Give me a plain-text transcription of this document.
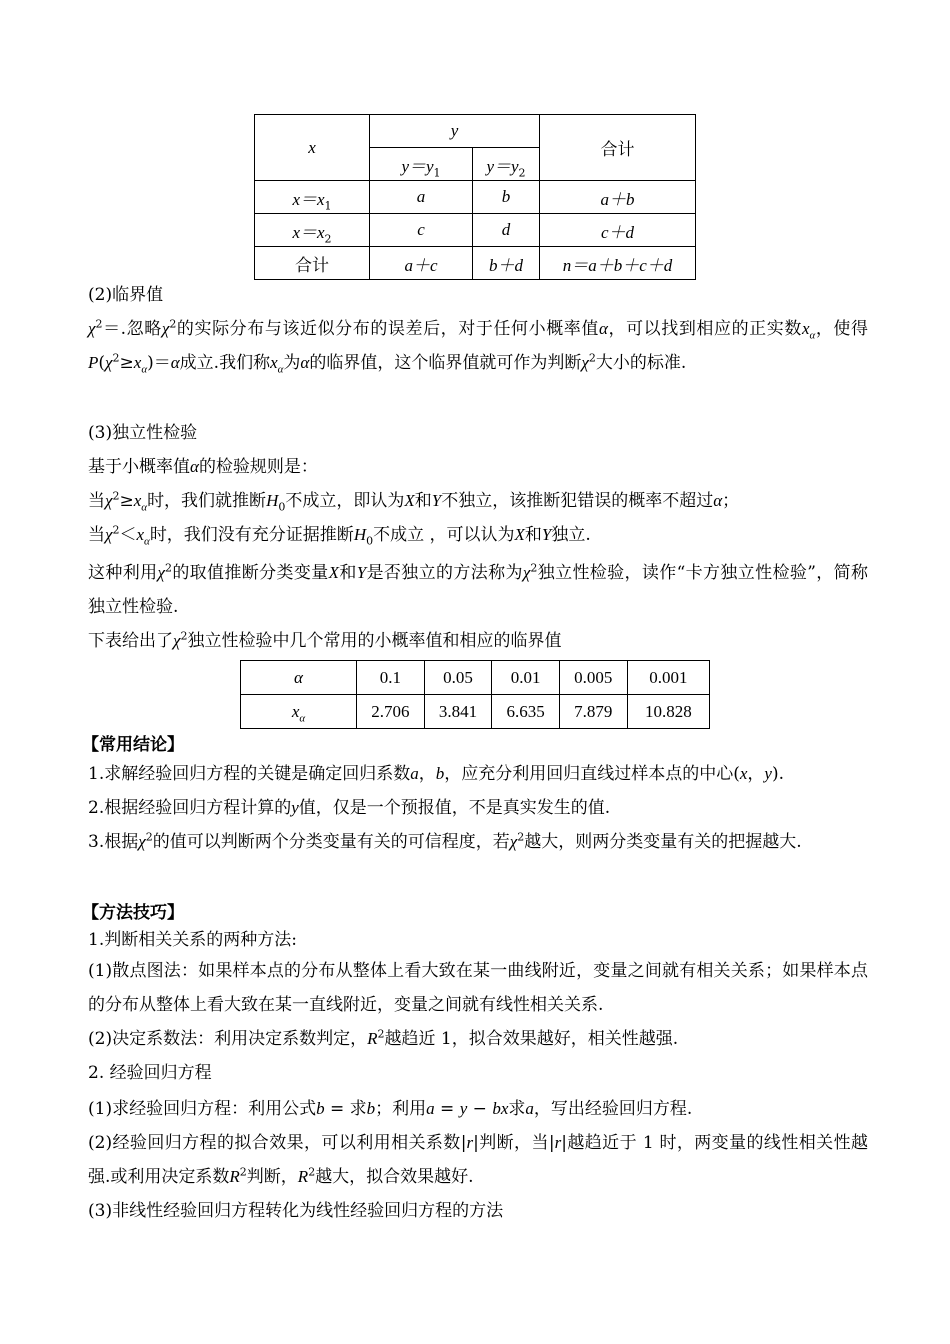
x	y		合计
	$y=y_1$	$y=y_2$
$x=x_1$	a	b	a＋b
$x=x_2$	c	d	c＋d
合计	a＋c	b＋d	n＝a＋b＋c＋d

(2)临界值

$\chi^2=$.忽略$\chi^2$的实际分布与该近似分布的误差后，对于任何小概率值α，可以找到相应的正实数$x_\alpha$，使得$P(\chi^2\ge x_\alpha)=\alpha$成立.我们称$x_\alpha$为α的临界值，这个临界值就可作为判断$\chi^2$大小的标准.

(3)独立性检验

基于小概率值α的检验规则是：

当$\chi^2\ge x_\alpha$时，我们就推断$H_0$不成立，即认为X和Y不独立，该推断犯错误的概率不超过α；

当$\chi^2<x_\alpha$时，我们没有充分证据推断$H_0$不成立 ，可以认为X和Y独立.

这种利用$\chi^2$的取值推断分类变量X和Y是否独立的方法称为$\chi^2$独立性检验，读作“卡方独立性检验”，简称独立性检验.

下表给出了$\chi^2$独立性检验中几个常用的小概率值和相应的临界值

α	0.1	0.05	0.01	0.005	0.001
$x_\alpha$	2.706	3.841	6.635	7.879	10.828

【常用结论】

1.求解经验回归方程的关键是确定回归系数a，b，应充分利用回归直线过样本点的中心(x，y).

2.根据经验回归方程计算的y值，仅是一个预报值，不是真实发生的值.

3.根据$\chi^2$的值可以判断两个分类变量有关的可信程度，若$\chi^2$越大，则两分类变量有关的把握越大.

【方法技巧】

1.判断相关关系的两种方法:

(1)散点图法：如果样本点的分布从整体上看大致在某一曲线附近，变量之间就有相关关系；如果样本点的分布从整体上看大致在某一直线附近，变量之间就有线性相关关系.

(2)决定系数法：利用决定系数判定，$R^2$越趋近 1，拟合效果越好，相关性越强.

2. 经验回归方程

(1)求经验回归方程：利用公式b = 求b；利用a = y − bx求a，写出经验回归方程.

(2)经验回归方程的拟合效果，可以利用相关系数|r|判断，当|r|越趋近于 1 时，两变量的线性相关性越强.或利用决定系数$R^2$判断，$R^2$越大，拟合效果越好.

(3)非线性经验回归方程转化为线性经验回归方程的方法
